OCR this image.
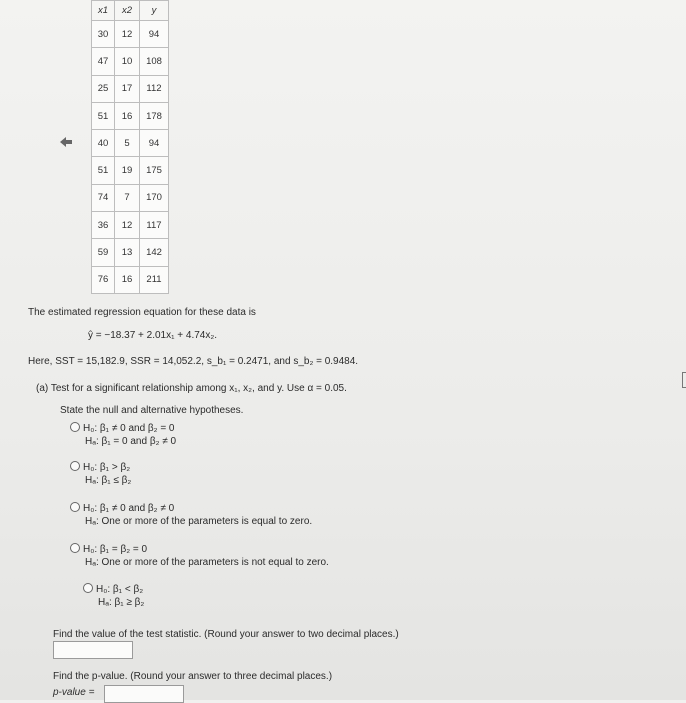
x1	x2	y
30	12	94
47	10	108
25	17	112
51	16	178
40	5	94
51	19	175
74	7	170
36	12	117
59	13	142
76	16	211
The estimated regression equation for these data is
ŷ = −18.37 + 2.01x₁ + 4.74x₂.
Here, SST = 15,182.9, SSR = 14,052.2, s_b₁ = 0.2471, and s_b₂ = 0.9484.
(a) Test for a significant relationship among x₁, x₂, and y. Use α = 0.05.
State the null and alternative hypotheses.
H₀: β₁ ≠ 0 and β₂ = 0
Hₐ: β₁ = 0 and β₂ ≠ 0
H₀: β₁ > β₂
Hₐ: β₁ ≤ β₂
H₀: β₁ ≠ 0 and β₂ ≠ 0
Hₐ: One or more of the parameters is equal to zero.
H₀: β₁ = β₂ = 0
Hₐ: One or more of the parameters is not equal to zero.
H₀: β₁ < β₂
Hₐ: β₁ ≥ β₂
Find the value of the test statistic. (Round your answer to two decimal places.)
Find the p-value. (Round your answer to three decimal places.)
p-value =
